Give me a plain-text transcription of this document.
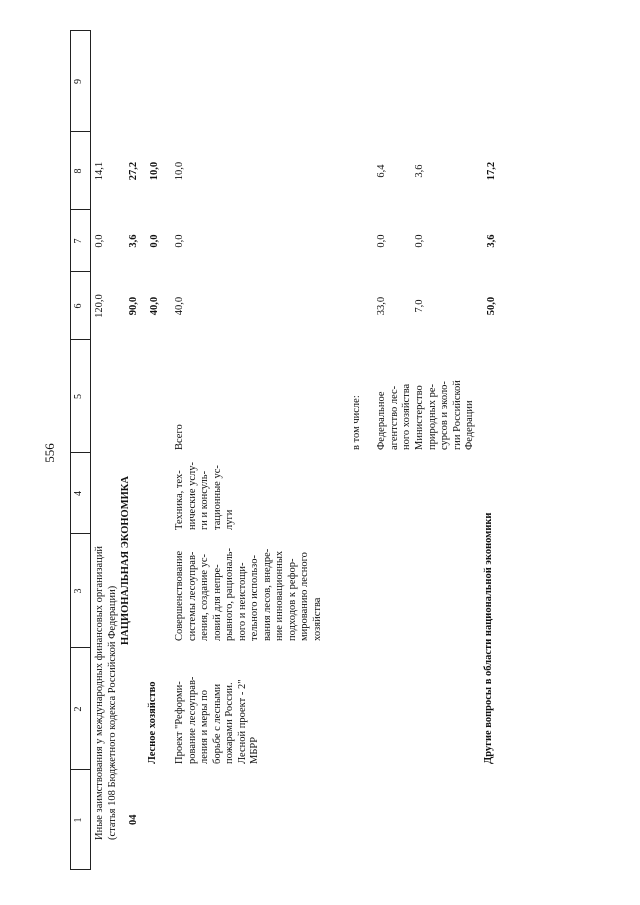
556
1
2
3
4
5
6
7
8
9
Иные заимствования у международных финансовых организаций (статья 108 Бюджетного кодекса Российской Федерации)
120,0
0,0
14,1
04
НАЦИОНАЛЬНАЯ ЭКОНОМИКА
90,0
3,6
27,2
Лесное хозяйство
40,0
0,0
10,0
Проект "Реформи- рование лесоуправ- ления и меры по борьбе с лесными пожарами России. Лесной проект - 2" МБРР
Совершенствование системы лесоуправ- ления, создание ус- ловий для непре- рывного, рациональ- ного и неистощи- тельного использо- вания лесов, внедре- ние инновационных подходов к рефор- мированию лесного хозяйства
Техника, тех- нические услу- ги и консуль- тационные ус- луги
Всего
40,0
0,0
10,0
в том числе: Федеральное агентство лес- ного хозяйства
33,0
0,0
6,4
Министерство природных ре- сурсов и эколо- гии Российской Федерации
7,0
0,0
3,6
Другие вопросы в области национальной экономики
50,0
3,6
17,2
